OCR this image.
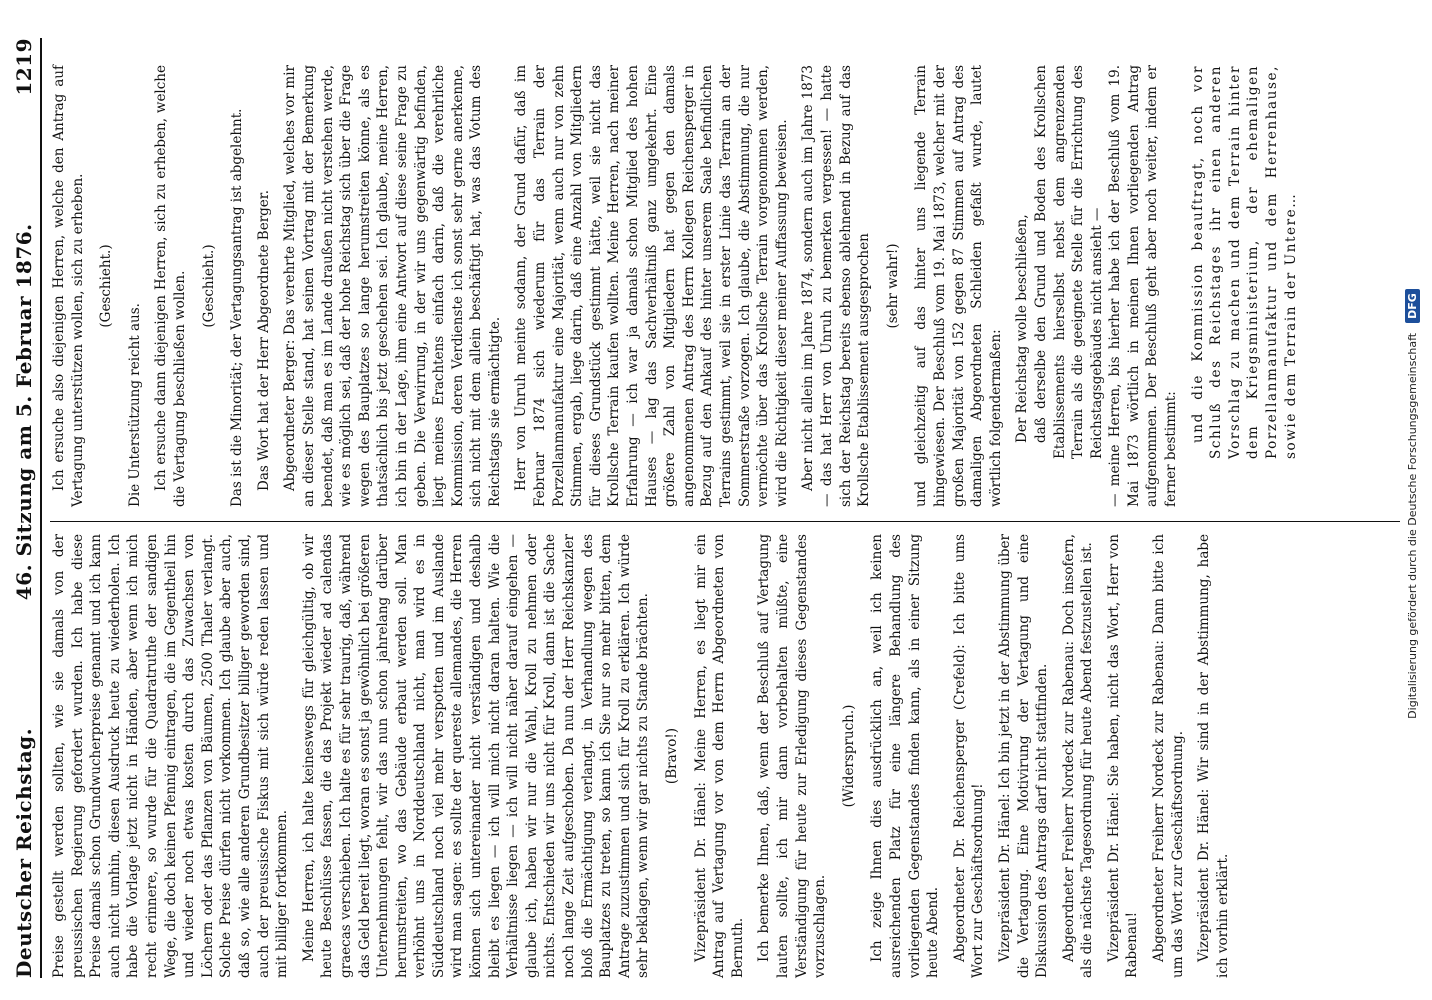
Deutscher Reichstag.
46. Sitzung am 5. Februar 1876.
1219

Preise gestellt werden sollten, wie sie damals von der preussischen Regierung gefordert wurden. Ich habe diese Preise damals schon Grundwucherpreise genannt und ich kann auch nicht umhin, diesen Ausdruck heute zu wiederholen. Ich habe die Vorlage jetzt nicht in Händen, aber wenn ich mich recht erinnere, so wurde für die Quadratruthe der sandigen Wege, die doch keinen Pfennig eintragen, die im Gegentheil hin und wieder noch etwas kosten durch das Zuwachsen von Löchern oder das Pflanzen von Bäumen, 2500 Thaler verlangt. Solche Preise dürfen nicht vorkommen. Ich glaube aber auch, daß so, wie alle anderen Grundbesitzer billiger geworden sind, auch der preussische Fiskus mit sich würde reden lassen und mit billiger fortkommen. Meine Herren, ich halte keineswegs für gleichgültig, ob wir heute Beschlüsse fassen, die das Projekt wieder ad calendas graecas verschieben. Ich halte es für sehr traurig, daß, während das Geld bereit liegt, woran es sonst ja gewöhnlich bei größeren Unternehmungen fehlt, wir das nun schon jahrelang darüber herumstreiten, wo das Gebäude erbaut werden soll. Man verhöhnt uns in Norddeutschland nicht, man wird es in Süddeutschland noch viel mehr verspotten und im Auslande wird man sagen: es sollte der quereste allemandes, die Herren können sich untereinander nicht verständigen und deshalb bleibt es liegen — ich will mich nicht daran halten. Wie die Verhältnisse liegen — ich will nicht näher darauf eingehen — glaube ich, haben wir nur die Wahl, Kroll zu nehmen oder nichts. Entschieden wir uns nicht für Kroll, dann ist die Sache noch lange Zeit aufgeschoben. Da nun der Herr Reichskanzler bloß die Ermächtigung verlangt, in Verhandlung wegen des Bauplatzes zu treten, so kann ich Sie nur so mehr bitten, dem Antrage zuzustimmen und sich für Kroll zu erklären. Ich würde sehr beklagen, wenn wir gar nichts zu Stande brächten. (Bravo!) Vizepräsident Dr. Hänel: Meine Herren, es liegt mir ein Antrag auf Vertagung vor von dem Herrn Abgeordneten von Bernuth. Ich bemerke Ihnen, daß, wenn der Beschluß auf Vertagung lauten sollte, ich mir dann vorbehalten müßte, eine Verständigung für heute zur Erledigung dieses Gegenstandes vorzuschlagen.

(Widerspruch.) Ich zeige Ihnen dies ausdrücklich an, weil ich keinen ausreichenden Platz für eine längere Behandlung des vorliegenden Gegenstandes finden kann, als in einer Sitzung heute Abend. Abgeordneter Dr. Reichensperger (Crefeld): Ich bitte ums Wort zur Geschäftsordnung! Vizepräsident Dr. Hänel: Ich bin jetzt in der Abstimmung über die Vertagung. Eine Motivirung der Vertagung und eine Diskussion des Antrags darf nicht stattfinden. Abgeordneter Freiherr Nordeck zur Rabenau: Doch insofern, als die nächste Tagesordnung für heute Abend festzustellen ist. Vizepräsident Dr. Hänel: Sie haben, nicht das Wort, Herr von Rabenau! Abgeordneter Freiherr Nordeck zur Rabenau: Dann bitte ich um das Wort zur Geschäftsordnung. Vizepräsident Dr. Hänel: Wir sind in der Abstimmung, habe ich vorhin erklärt.

Ich ersuche also diejenigen Herren, welche den Antrag auf Vertagung unterstützen wollen, sich zu erheben. (Geschieht.)

Die Unterstützung reicht aus. Ich ersuche dann diejenigen Herren, sich zu erheben, welche die Vertagung beschließen wollen. (Geschieht.) Das ist die Minorität; der Vertagungsantrag ist abgelehnt. Das Wort hat der Herr Abgeordnete Berger. Abgeordneter Berger: Das verehrte Mitglied, welches vor mir an dieser Stelle stand, hat seinen Vortrag mit der Bemerkung beendet, daß man es im Lande draußen nicht verstehen werde, wie es möglich sei, daß der hohe Reichstag sich über die Frage wegen des Bauplatzes so lange herumstreiten könne, als es thatsächlich bis jetzt geschehen sei. Ich glaube, meine Herren, ich bin in der Lage, ihm eine Antwort auf diese seine Frage zu geben. Die Verwirrung, in der wir uns gegenwärtig befinden, liegt meines Erachtens einfach darin, daß die verehrliche Kommission, deren Verdienste ich sonst sehr gerne anerkenne, sich nicht mit dem allein beschäftigt hat, was das Votum des Reichstags sie ermächtigte. Herr von Unruh meinte sodann, der Grund dafür, daß im Februar 1874 sich wiederum für das Terrain der Porzellanmanufaktur eine Majorität, wenn auch nur von zehn Stimmen, ergab, liege darin, daß eine Anzahl von Mitgliedern für dieses Grundstück gestimmt hätte, weil sie nicht das Krollsche Terrain kaufen wollten. Meine Herren, nach meiner Erfahrung — ich war ja damals schon Mitglied des hohen Hauses — lag das Sachverhältniß ganz umgekehrt. Eine größere Zahl von Mitgliedern hat gegen den damals angenommenen Antrag des Herrn Kollegen Reichensperger in Bezug auf den Ankauf des hinter unserem Saale befindlichen Terrains gestimmt, weil sie in erster Linie das Terrain an der Sommerstraße vorzogen. Ich glaube, die Abstimmung, die nur vermöchte über das Krollsche Terrain vorgenommen werden, wird die Richtigkeit dieser meiner Auffassung beweisen. Aber nicht allein im Jahre 1874, sondern auch im Jahre 1873 — das hat Herr von Unruh zu bemerken vergessen! — hatte sich der Reichstag bereits ebenso ablehnend in Bezug auf das Krollsche Etablissement ausgesprochen (sehr wahr!) und gleichzeitig auf das hinter uns liegende Terrain hingewiesen. Der Beschluß vom 19. Mai 1873, welcher mit der großen Majorität von 152 gegen 87 Stimmen auf Antrag des damaligen Abgeordneten Schleiden gefaßt wurde, lautet wörtlich folgendermaßen: Der Reichstag wolle beschließen, daß derselbe den Grund und Boden des Krollschen Etablissements hierselbst nebst dem angrenzenden Terrain als die geeignete Stelle für die Errichtung des Reichstagsgebäudes nicht ansieht — — meine Herren, bis hierher habe ich der Beschluß vom 19. Mai 1873 wörtlich in meinen Ihnen vorliegenden Antrag aufgenommen. Der Beschluß geht aber noch weiter, indem er ferner bestimmt:

und die Kommission beauftragt, noch vor Schluß des Reichstages ihr einen anderen Vorschlag zu machen und dem Terrain hinter dem Kriegsministerium, der ehemaligen Porzellanmanufaktur und dem Herrenhause, sowie dem Terrain der Untere…

Digitalisierung gefördert durch die Deutsche Forschungsgemeinschaft
DFG
